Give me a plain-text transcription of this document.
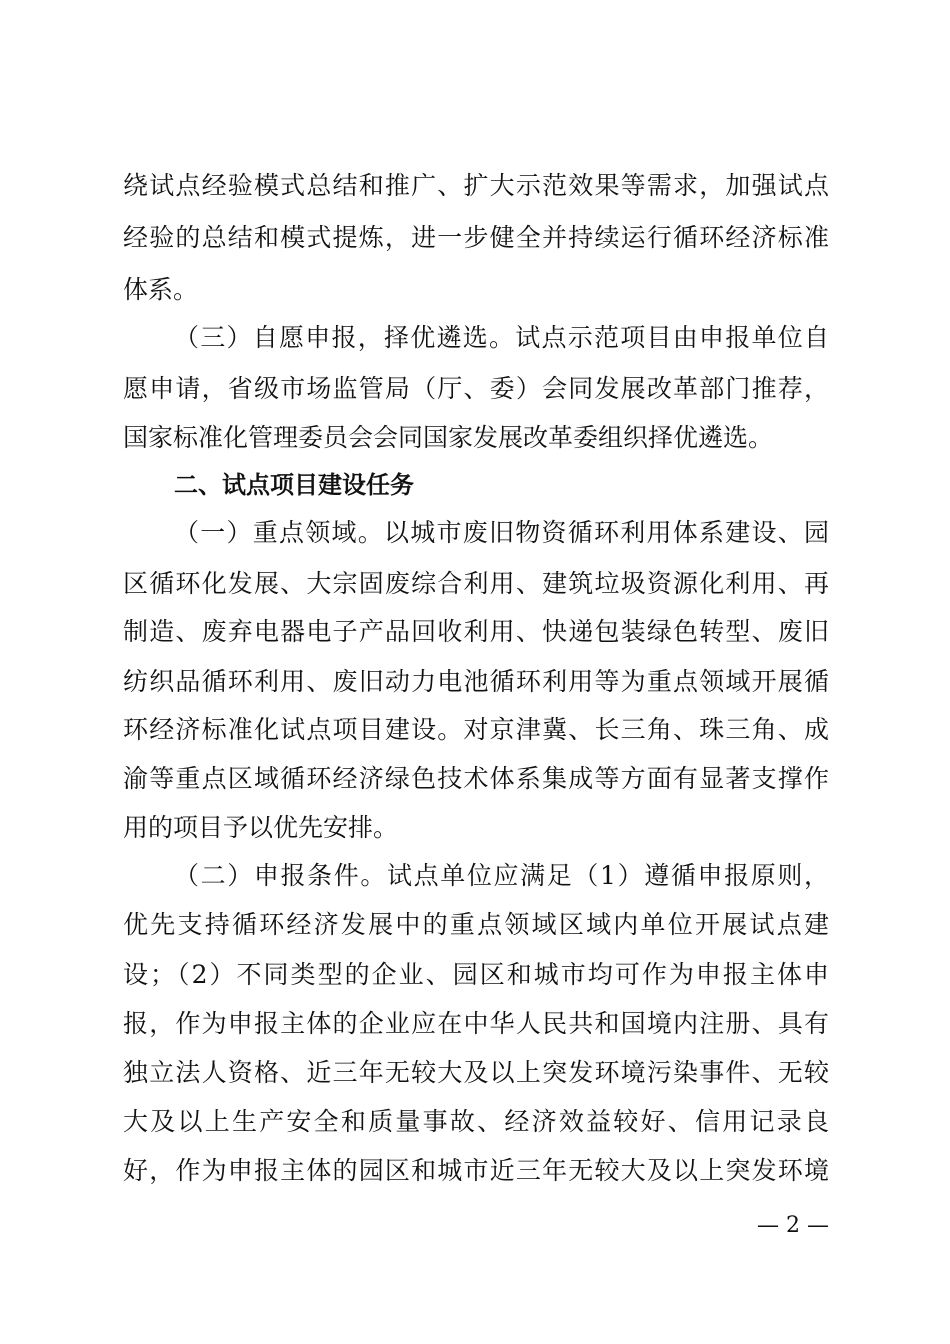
绕试点经验模式总结和推广、扩大示范效果等需求，加强试点
经验的总结和模式提炼，进一步健全并持续运行循环经济标准
体系。
（三）自愿申报，择优遴选。试点示范项目由申报单位自
愿申请，省级市场监管局（厅、委）会同发展改革部门推荐，
国家标准化管理委员会会同国家发展改革委组织择优遴选。
二、试点项目建设任务
（一）重点领域。以城市废旧物资循环利用体系建设、园
区循环化发展、大宗固废综合利用、建筑垃圾资源化利用、再
制造、废弃电器电子产品回收利用、快递包装绿色转型、废旧
纺织品循环利用、废旧动力电池循环利用等为重点领域开展循
环经济标准化试点项目建设。对京津冀、长三角、珠三角、成
渝等重点区域循环经济绿色技术体系集成等方面有显著支撑作
用的项目予以优先安排。
（二）申报条件。试点单位应满足（1）遵循申报原则，
优先支持循环经济发展中的重点领域区域内单位开展试点建
设；（2）不同类型的企业、园区和城市均可作为申报主体申
报，作为申报主体的企业应在中华人民共和国境内注册、具有
独立法人资格、近三年无较大及以上突发环境污染事件、无较
大及以上生产安全和质量事故、经济效益较好、信用记录良
好，作为申报主体的园区和城市近三年无较大及以上突发环境
— 2 —
